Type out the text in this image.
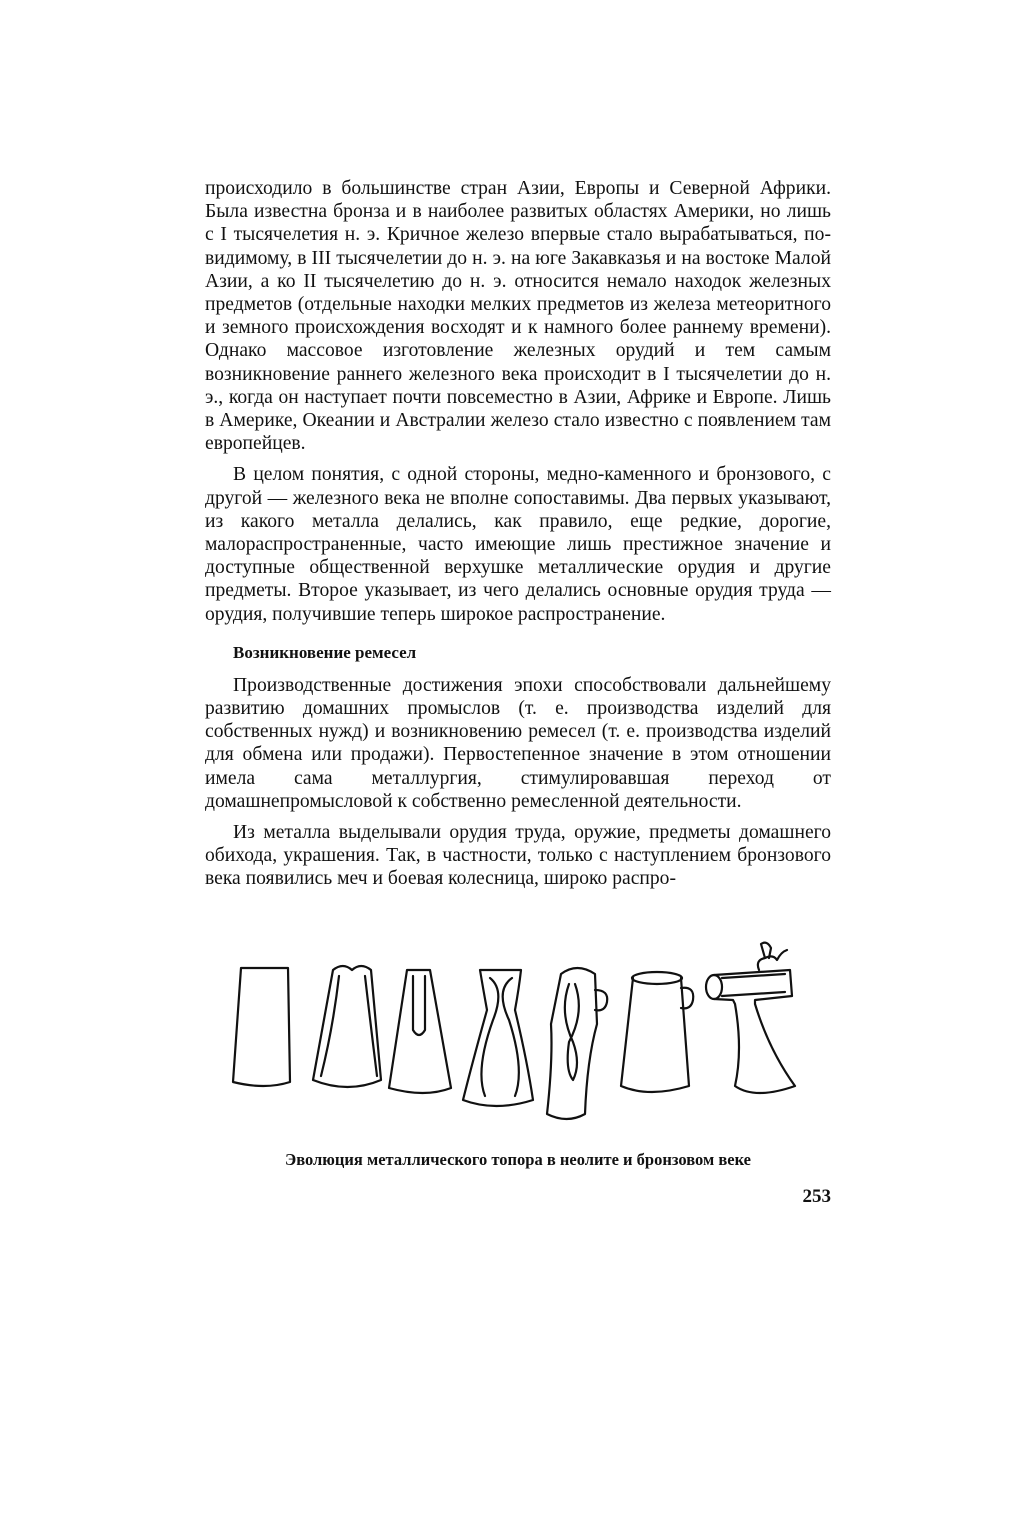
происходило в большинстве стран Азии, Европы и Северной Африки. Была известна бронза и в наиболее развитых областях Америки, но лишь с I тысячелетия н. э. Кричное железо впервые стало вырабатываться, по-видимому, в III тысячелетии до н. э. на юге Закавказья и на востоке Малой Азии, а ко II тысячелетию до н. э. относится немало находок железных предметов (отдельные находки мелких предметов из железа метеоритного и земного происхождения восходят и к намного более раннему времени). Однако массовое изготовление железных орудий и тем самым возникновение раннего железного века происходит в I тысячелетии до н. э., когда он наступает почти повсеместно в Азии, Африке и Европе. Лишь в Америке, Океании и Австралии железо стало известно с появлением там европейцев.

В целом понятия, с одной стороны, медно-каменного и бронзового, с другой — железного века не вполне сопоставимы. Два первых указывают, из какого металла делались, как правило, еще редкие, дорогие, малораспространенные, часто имеющие лишь престижное значение и доступные общественной верхушке металлические орудия и другие предметы. Второе указывает, из чего делались основные орудия труда — орудия, получившие теперь широкое распространение.

Возникновение ремесел

Производственные достижения эпохи способствовали дальнейшему развитию домашних промыслов (т. е. производства изделий для собственных нужд) и возникновению ремесел (т. е. производства изделий для обмена или продажи). Первостепенное значение в этом отношении имела сама металлургия, стимулировавшая переход от домашнепромысловой к собственно ремесленной деятельности.

Из металла выделывали орудия труда, оружие, предметы домашнего обихода, украшения. Так, в частности, только с наступлением бронзового века появились меч и боевая колесница, широко распро-

Эволюция металлического топора в неолите и бронзовом веке
253
